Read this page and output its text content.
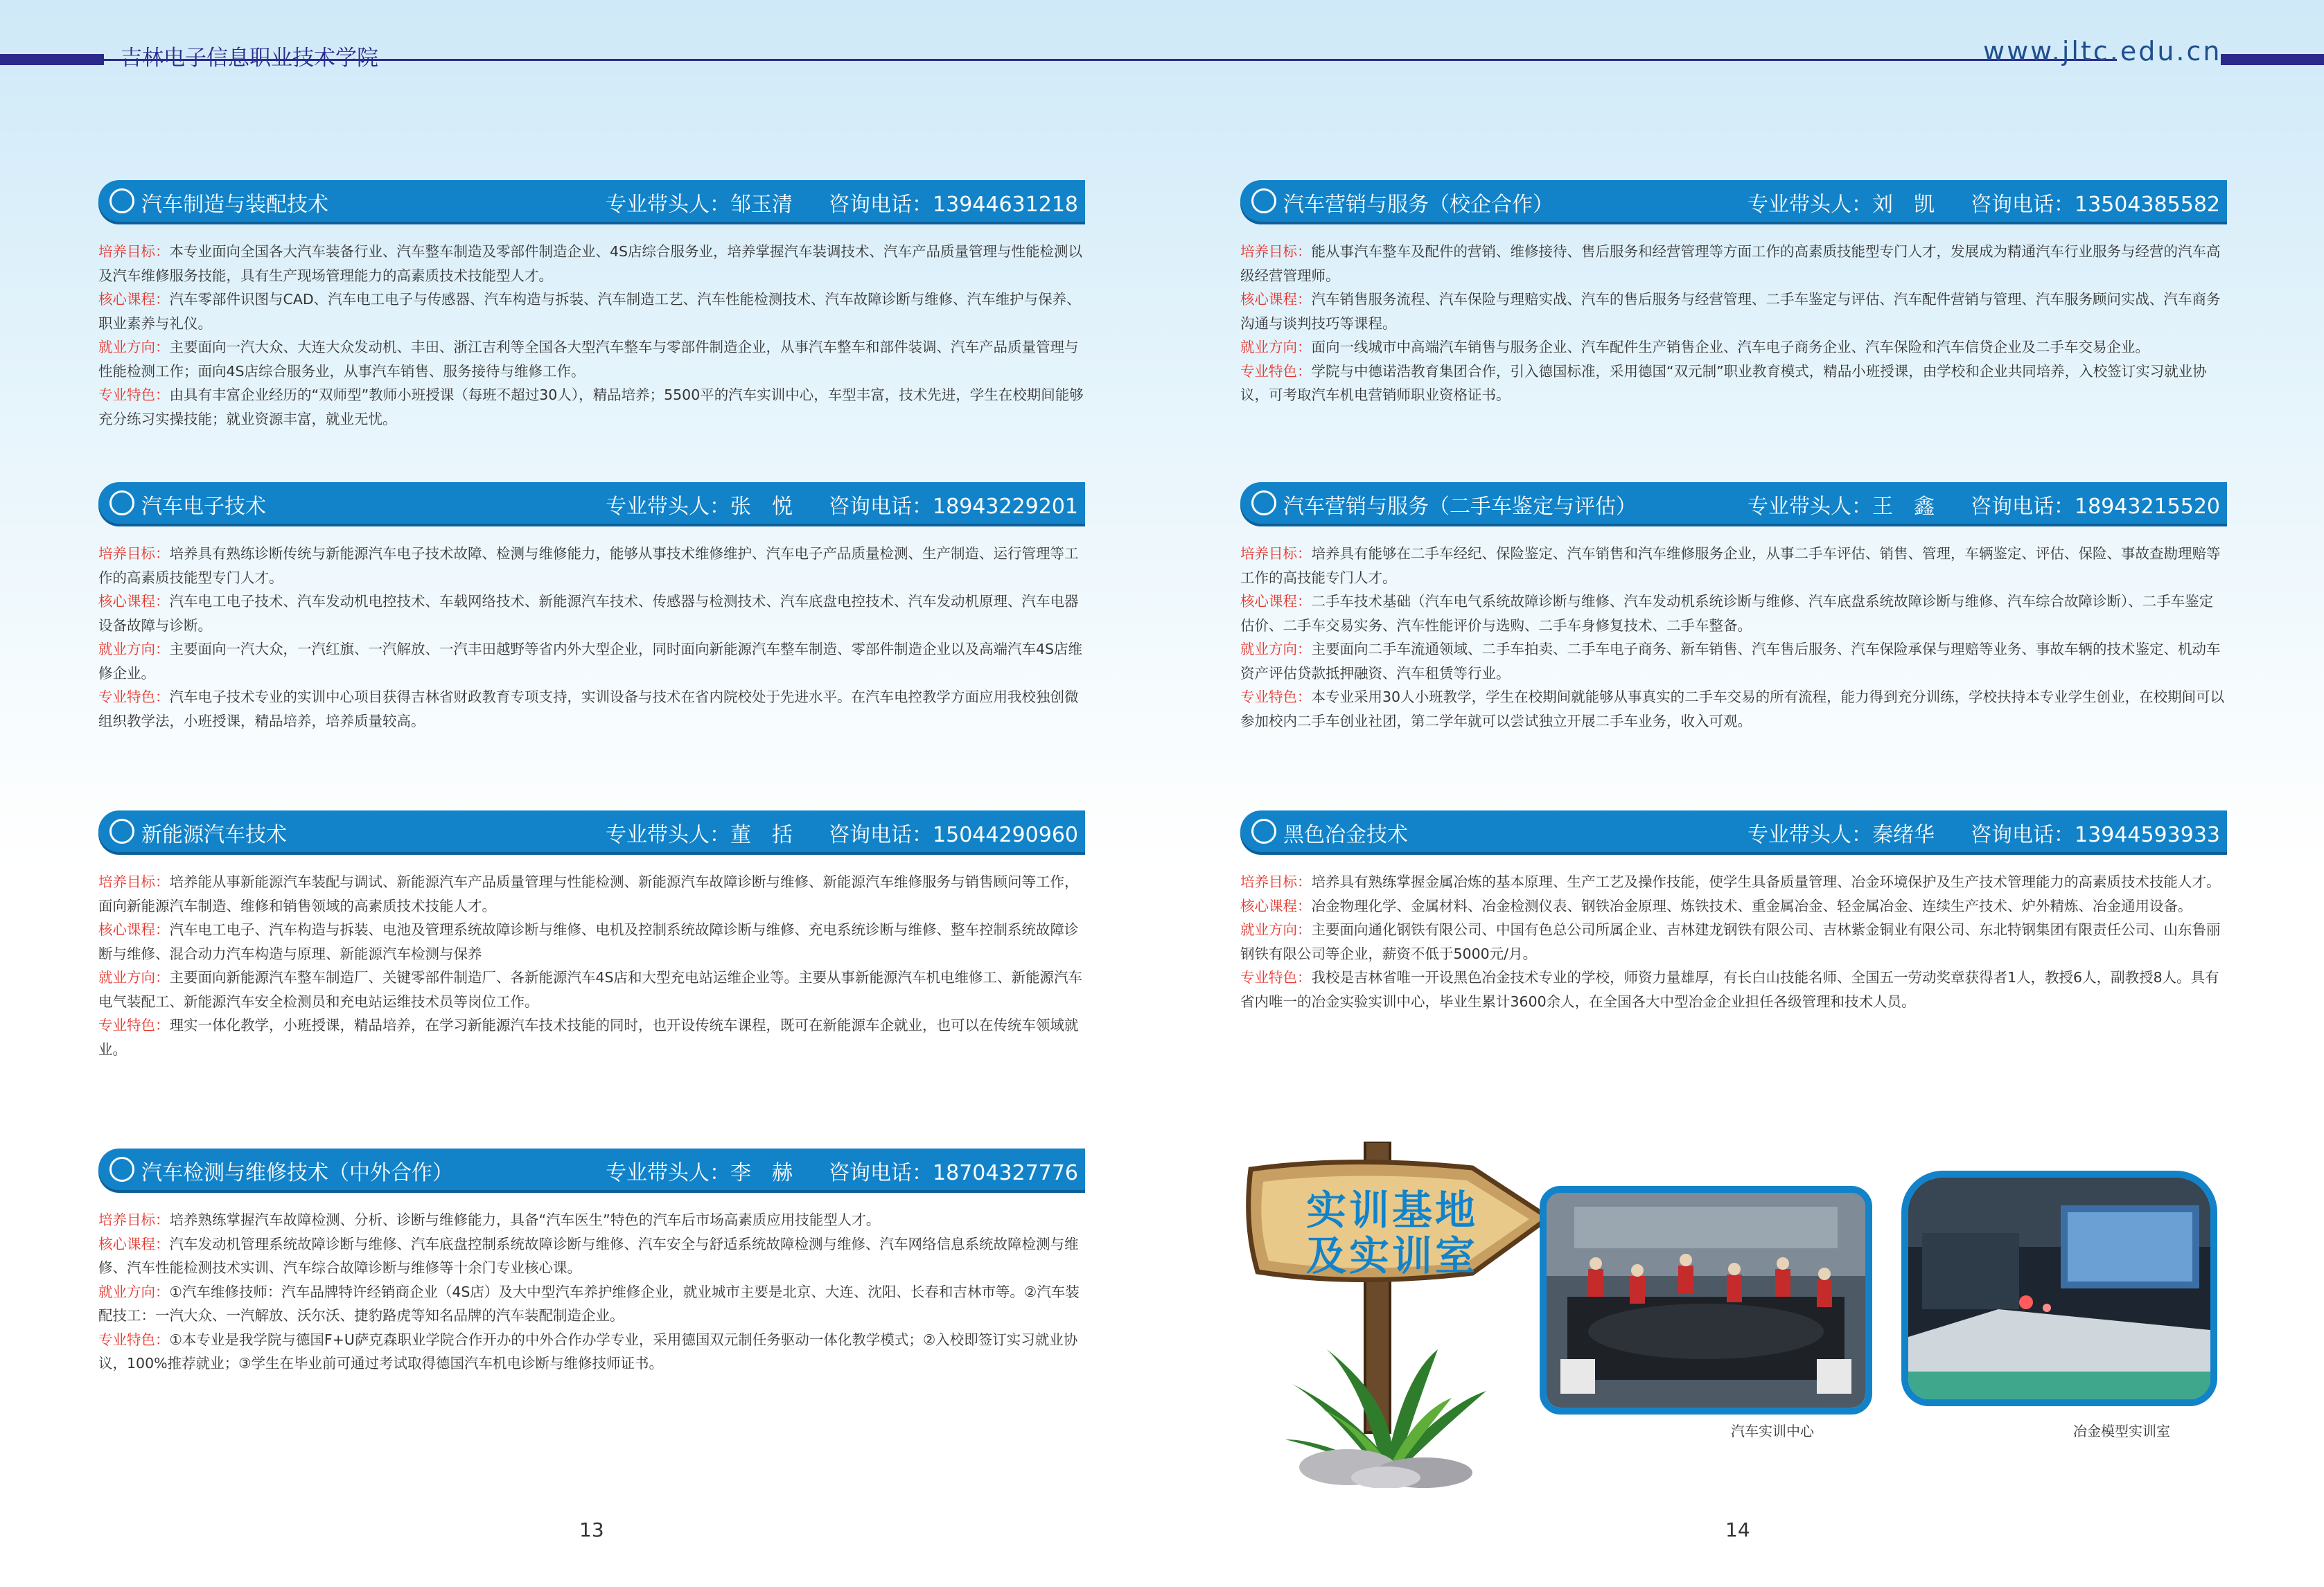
吉林电子信息职业技术学院	www.jltc.edu.cn
汽车制造与装配技术	专业带头人：邹玉清 咨询电话：13944631218

培养目标：本专业面向全国各大汽车装备行业、汽车整车制造及零部件制造企业、4S店综合服务业，培养掌握汽车装调技术、汽车产品质量管理与性能检测以及汽车维修服务技能，具有生产现场管理能力的高素质技术技能型人才。

核心课程：汽车零部件识图与CAD、汽车电工电子与传感器、汽车构造与拆装、汽车制造工艺、汽车性能检测技术、汽车故障诊断与维修、汽车维护与保养、职业素养与礼仪。

就业方向：主要面向一汽大众、大连大众发动机、丰田、浙江吉利等全国各大型汽车整车与零部件制造企业，从事汽车整车和部件装调、汽车产品质量管理与性能检测工作；面向4S店综合服务业，从事汽车销售、服务接待与维修工作。

专业特色：由具有丰富企业经历的“双师型”教师小班授课（每班不超过30人），精品培养；5500平的汽车实训中心，车型丰富，技术先进，学生在校期间能够充分练习实操技能；就业资源丰富，就业无忧。

汽车电子技术	专业带头人：张　悦 咨询电话：18943229201

培养目标：培养具有熟练诊断传统与新能源汽车电子技术故障、检测与维修能力，能够从事技术维修维护、汽车电子产品质量检测、生产制造、运行管理等工作的高素质技能型专门人才。

核心课程：汽车电工电子技术、汽车发动机电控技术、车载网络技术、新能源汽车技术、传感器与检测技术、汽车底盘电控技术、汽车发动机原理、汽车电器设备故障与诊断。

就业方向：主要面向一汽大众，一汽红旗、一汽解放、一汽丰田越野等省内外大型企业，同时面向新能源汽车整车制造、零部件制造企业以及高端汽车4S店维修企业。

专业特色：汽车电子技术专业的实训中心项目获得吉林省财政教育专项支持，实训设备与技术在省内院校处于先进水平。在汽车电控教学方面应用我校独创微组织教学法，小班授课，精品培养，培养质量较高。

新能源汽车技术	专业带头人：董　括 咨询电话：15044290960

培养目标：培养能从事新能源汽车装配与调试、新能源汽车产品质量管理与性能检测、新能源汽车故障诊断与维修、新能源汽车维修服务与销售顾问等工作，面向新能源汽车制造、维修和销售领域的高素质技术技能人才。

核心课程：汽车电工电子、汽车构造与拆装、电池及管理系统故障诊断与维修、电机及控制系统故障诊断与维修、充电系统诊断与维修、整车控制系统故障诊断与维修、混合动力汽车构造与原理、新能源汽车检测与保养

就业方向：主要面向新能源汽车整车制造厂、关键零部件制造厂、各新能源汽车4S店和大型充电站运维企业等。主要从事新能源汽车机电维修工、新能源汽车电气装配工、新能源汽车安全检测员和充电站运维技术员等岗位工作。

专业特色：理实一体化教学，小班授课，精品培养，在学习新能源汽车技术技能的同时，也开设传统车课程，既可在新能源车企就业，也可以在传统车领域就业。

汽车检测与维修技术（中外合作）	专业带头人：李　赫 咨询电话：18704327776

培养目标：培养熟练掌握汽车故障检测、分析、诊断与维修能力，具备“汽车医生”特色的汽车后市场高素质应用技能型人才。

核心课程：汽车发动机管理系统故障诊断与维修、汽车底盘控制系统故障诊断与维修、汽车安全与舒适系统故障检测与维修、汽车网络信息系统故障检测与维修、汽车性能检测技术实训、汽车综合故障诊断与维修等十余门专业核心课。

就业方向：①汽车维修技师：汽车品牌特许经销商企业（4S店）及大中型汽车养护维修企业，就业城市主要是北京、大连、沈阳、长春和吉林市等。②汽车装配技工：一汽大众、一汽解放、沃尔沃、捷豹路虎等知名品牌的汽车装配制造企业。

专业特色：①本专业是我学院与德国F+U萨克森职业学院合作开办的中外合作办学专业，采用德国双元制任务驱动一体化教学模式；②入校即签订实习就业协议，100%推荐就业；③学生在毕业前可通过考试取得德国汽车机电诊断与维修技师证书。

汽车营销与服务（校企合作）	专业带头人：刘　凯 咨询电话：13504385582

培养目标：能从事汽车整车及配件的营销、维修接待、售后服务和经营管理等方面工作的高素质技能型专门人才，发展成为精通汽车行业服务与经营的汽车高级经营管理师。

核心课程：汽车销售服务流程、汽车保险与理赔实战、汽车的售后服务与经营管理、二手车鉴定与评估、汽车配件营销与管理、汽车服务顾问实战、汽车商务沟通与谈判技巧等课程。

就业方向：面向一线城市中高端汽车销售与服务企业、汽车配件生产销售企业、汽车电子商务企业、汽车保险和汽车信贷企业及二手车交易企业。

专业特色：学院与中德诺浩教育集团合作，引入德国标准，采用德国“双元制”职业教育模式，精品小班授课，由学校和企业共同培养，入校签订实习就业协议，可考取汽车机电营销师职业资格证书。

汽车营销与服务（二手车鉴定与评估）	专业带头人：王　鑫 咨询电话：18943215520

培养目标：培养具有能够在二手车经纪、保险鉴定、汽车销售和汽车维修服务企业，从事二手车评估、销售、管理，车辆鉴定、评估、保险、事故查勘理赔等工作的高技能专门人才。

核心课程：二手车技术基础（汽车电气系统故障诊断与维修、汽车发动机系统诊断与维修、汽车底盘系统故障诊断与维修、汽车综合故障诊断）、二手车鉴定估价、二手车交易实务、汽车性能评价与选购、二手车身修复技术、二手车整备。

就业方向：主要面向二手车流通领域、二手车拍卖、二手车电子商务、新车销售、汽车售后服务、汽车保险承保与理赔等业务、事故车辆的技术鉴定、机动车资产评估贷款抵押融资、汽车租赁等行业。

专业特色：本专业采用30人小班教学，学生在校期间就能够从事真实的二手车交易的所有流程，能力得到充分训练，学校扶持本专业学生创业，在校期间可以参加校内二手车创业社团，第二学年就可以尝试独立开展二手车业务，收入可观。

黑色冶金技术	专业带头人：秦绪华 咨询电话：13944593933

培养目标：培养具有熟练掌握金属冶炼的基本原理、生产工艺及操作技能，使学生具备质量管理、冶金环境保护及生产技术管理能力的高素质技术技能人才。

核心课程：冶金物理化学、金属材料、冶金检测仪表、钢铁冶金原理、炼铁技术、重金属冶金、轻金属冶金、连续生产技术、炉外精炼、冶金通用设备。

就业方向：主要面向通化钢铁有限公司、中国有色总公司所属企业、吉林建龙钢铁有限公司、吉林紫金铜业有限公司、东北特钢集团有限责任公司、山东鲁丽钢铁有限公司等企业，薪资不低于5000元/月。

专业特色：我校是吉林省唯一开设黑色冶金技术专业的学校，师资力量雄厚，有长白山技能名师、全国五一劳动奖章获得者1人，教授6人，副教授8人。具有省内唯一的冶金实验实训中心，毕业生累计3600余人，在全国各大中型冶金企业担任各级管理和技术人员。

实训基地
及实训室
汽车实训中心	冶金模型实训室
13	14
